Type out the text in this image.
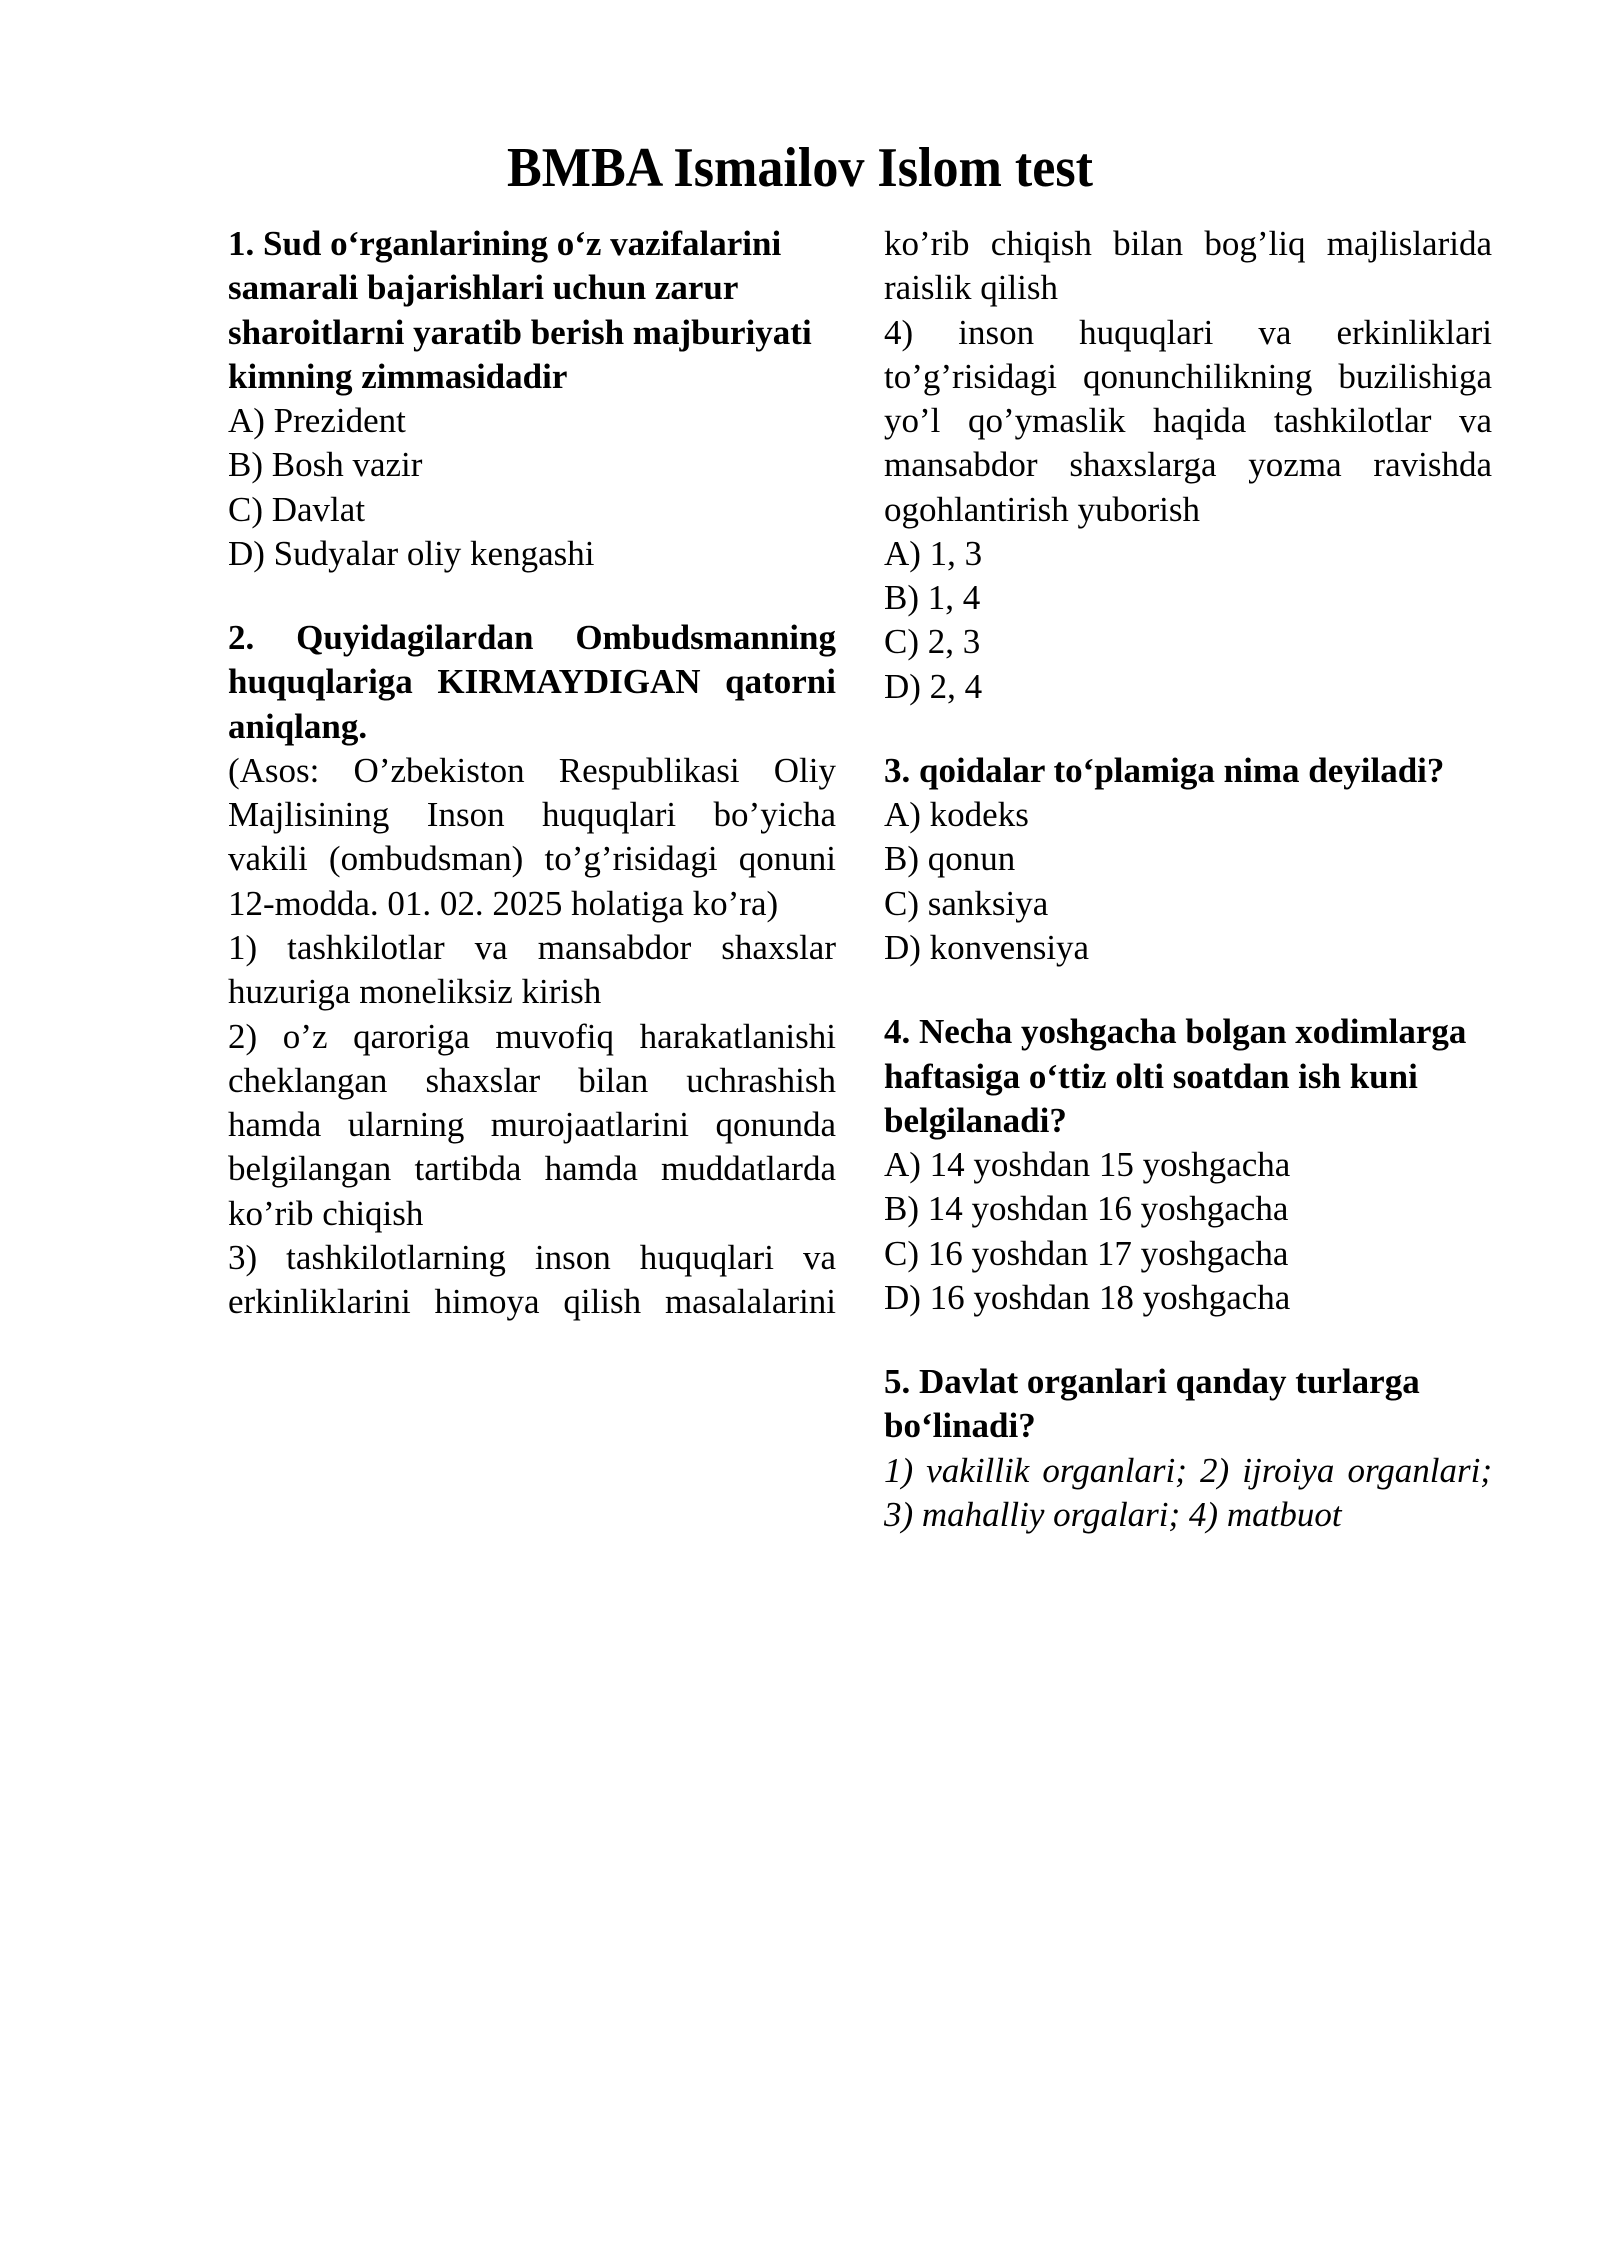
BMBA Ismailov Islom test

1. Sud o‘rganlarining o‘z vazifalarini samarali bajarishlari uchun zarur sharoitlarni yaratib berish majburiyati kimning zimmasidadir

A) Prezident

B) Bosh vazir

C) Davlat

D) Sudyalar oliy kengashi

2. Quyidagilardan Ombudsmanning huquqlariga KIRMAYDIGAN qatorni aniqlang.

(Asos: O’zbekiston Respublikasi Oliy Majlisining Inson huquqlari bo’yicha vakili (ombudsman) to’g’risidagi qonuni 12-modda. 01. 02. 2025 holatiga ko’ra)

1) tashkilotlar va mansabdor shaxslar huzuriga moneliksiz kirish

2) o’z qaroriga muvofiq harakatlanishi cheklangan shaxslar bilan uchrashish hamda ularning murojaatlarini qonunda belgilangan tartibda hamda muddatlarda ko’rib chiqish

3) tashkilotlarning inson huquqlari va erkinliklarini himoya qilish masalalarini

ko’rib chiqish bilan bog’liq majlislarida raislik qilish

4) inson huquqlari va erkinliklari to’g’risidagi qonunchilikning buzilishiga yo’l qo’ymaslik haqida tashkilotlar va mansabdor shaxslarga yozma ravishda ogohlantirish yuborish

A) 1, 3

B) 1, 4

C) 2, 3

D) 2, 4

3. qoidalar to‘plamiga nima deyiladi?

A) kodeks

B) qonun

C) sanksiya

D) konvensiya

4. Necha yoshgacha bolgan xodimlarga haftasiga o‘ttiz olti soatdan ish kuni belgilanadi?

A) 14 yoshdan 15 yoshgacha

B) 14 yoshdan 16 yoshgacha

C) 16 yoshdan 17 yoshgacha

D) 16 yoshdan 18 yoshgacha

5. Davlat organlari qanday turlarga bo‘linadi?

1) vakillik organlari; 2) ijroiya organlari; 3) mahalliy orgalari; 4) matbuot
